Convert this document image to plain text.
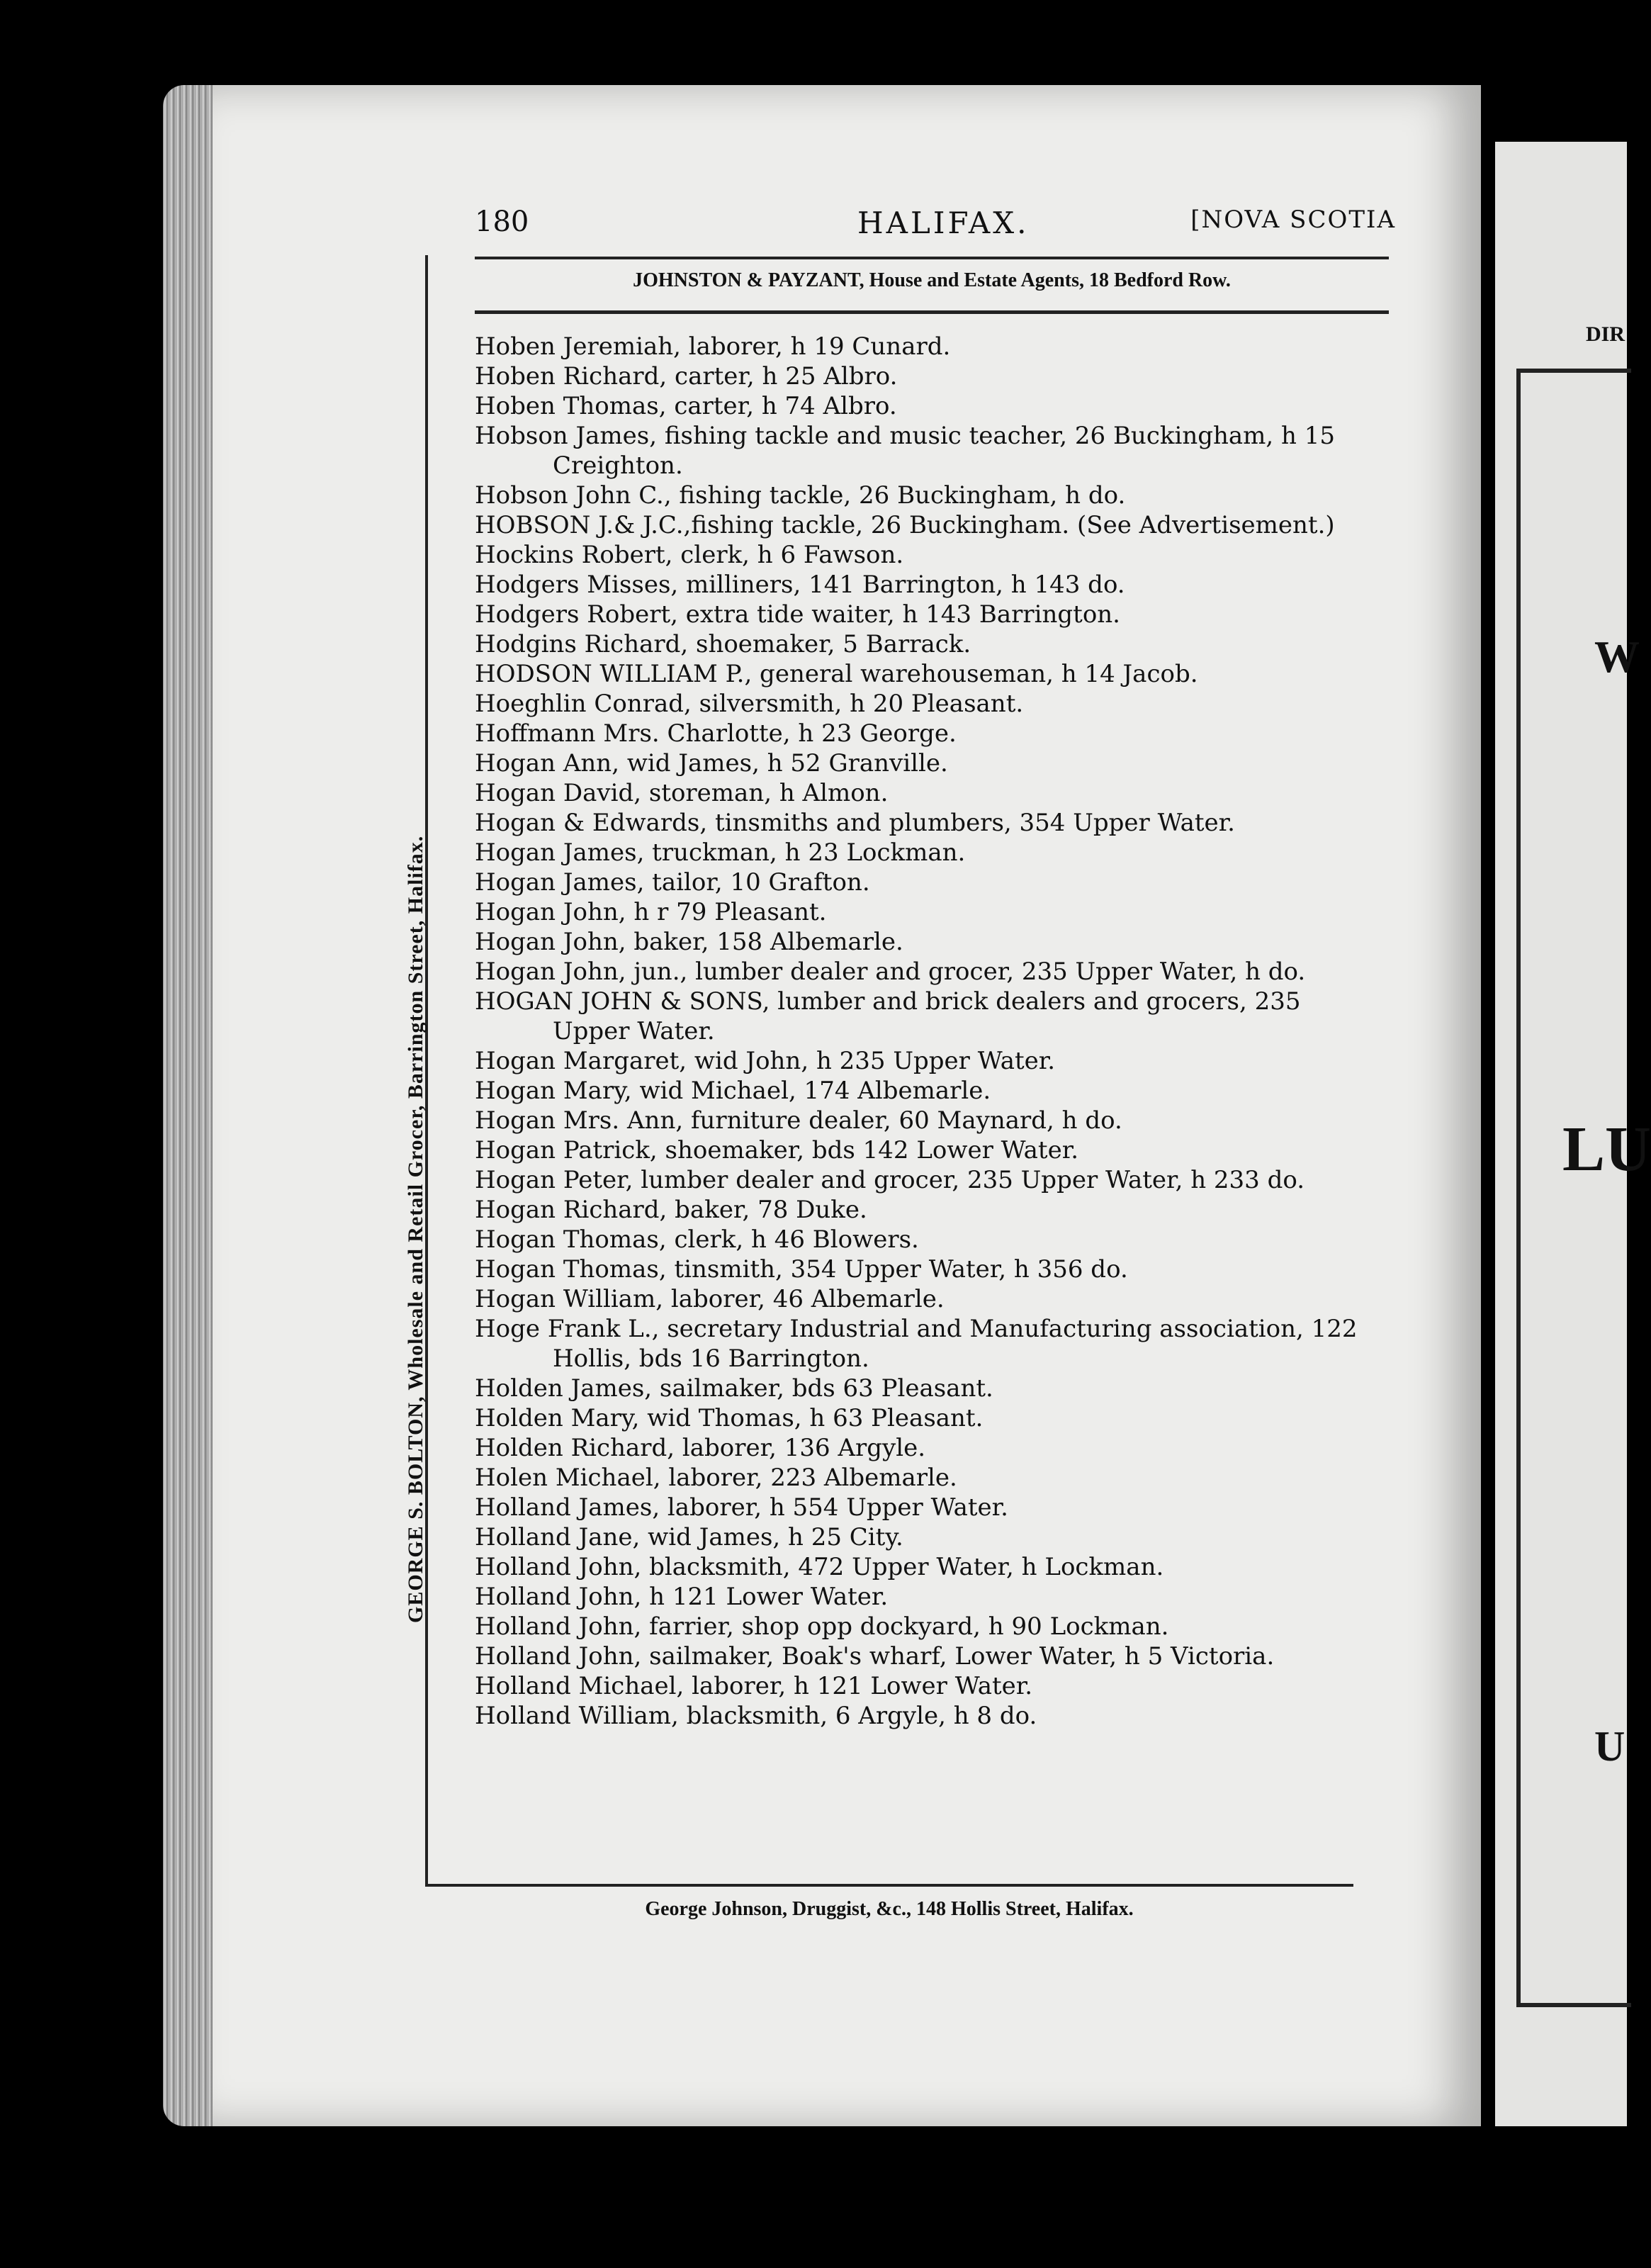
DIR
W
LU
U
180	HALIFAX.	[NOVA SCOTIA
JOHNSTON & PAYZANT, House and Estate Agents, 18 Bedford Row.
Hoben Jeremiah, laborer, h 19 Cunard.
Hoben Richard, carter, h 25 Albro.
Hoben Thomas, carter, h 74 Albro.
Hobson James, fishing tackle and music teacher, 26 Buckingham, h 15
Creighton.
Hobson John C., fishing tackle, 26 Buckingham, h do.
HOBSON J.& J.C.,fishing tackle, 26 Buckingham. (See Advertisement.)
Hockins Robert, clerk, h 6 Fawson.
Hodgers Misses, milliners, 141 Barrington, h 143 do.
Hodgers Robert, extra tide waiter, h 143 Barrington.
Hodgins Richard, shoemaker, 5 Barrack.
HODSON WILLIAM P., general warehouseman, h 14 Jacob.
Hoeghlin Conrad, silversmith, h 20 Pleasant.
Hoffmann Mrs. Charlotte, h 23 George.
Hogan Ann, wid James, h 52 Granville.
Hogan David, storeman, h Almon.
Hogan & Edwards, tinsmiths and plumbers, 354 Upper Water.
Hogan James, truckman, h 23 Lockman.
Hogan James, tailor, 10 Grafton.
Hogan John, h r 79 Pleasant.
Hogan John, baker, 158 Albemarle.
Hogan John, jun., lumber dealer and grocer, 235 Upper Water, h do.
HOGAN JOHN & SONS, lumber and brick dealers and grocers, 235
Upper Water.
Hogan Margaret, wid John, h 235 Upper Water.
Hogan Mary, wid Michael, 174 Albemarle.
Hogan Mrs. Ann, furniture dealer, 60 Maynard, h do.
Hogan Patrick, shoemaker, bds 142 Lower Water.
Hogan Peter, lumber dealer and grocer, 235 Upper Water, h 233 do.
Hogan Richard, baker, 78 Duke.
Hogan Thomas, clerk, h 46 Blowers.
Hogan Thomas, tinsmith, 354 Upper Water, h 356 do.
Hogan William, laborer, 46 Albemarle.
Hoge Frank L., secretary Industrial and Manufacturing association, 122
Hollis, bds 16 Barrington.
Holden James, sailmaker, bds 63 Pleasant.
Holden Mary, wid Thomas, h 63 Pleasant.
Holden Richard, laborer, 136 Argyle.
Holen Michael, laborer, 223 Albemarle.
Holland James, laborer, h 554 Upper Water.
Holland Jane, wid James, h 25 City.
Holland John, blacksmith, 472 Upper Water, h Lockman.
Holland John, h 121 Lower Water.
Holland John, farrier, shop opp dockyard, h 90 Lockman.
Holland John, sailmaker, Boak's wharf, Lower Water, h 5 Victoria.
Holland Michael, laborer, h 121 Lower Water.
Holland William, blacksmith, 6 Argyle, h 8 do.
George Johnson, Druggist, &c., 148 Hollis Street, Halifax.
GEORGE S. BOLTON, Wholesale and Retail Grocer, Barrington Street, Halifax.
